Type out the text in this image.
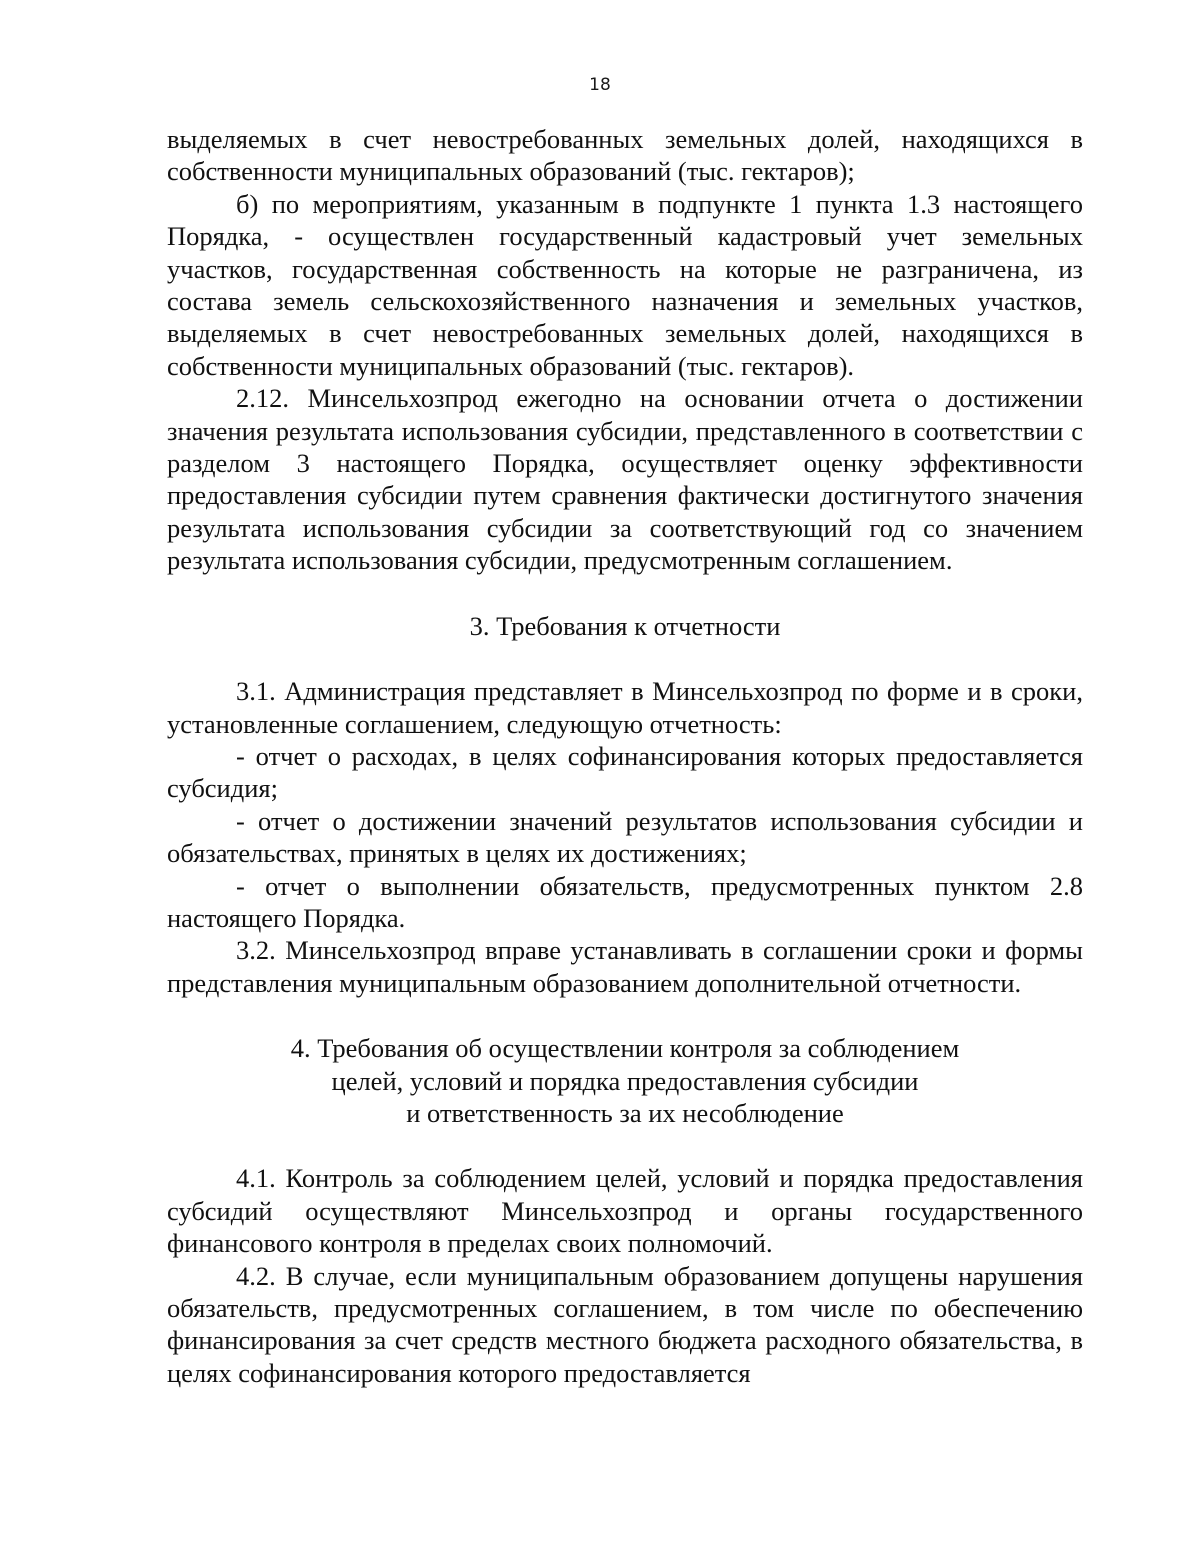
18

выделяемых в счет невостребованных земельных долей, находящихся в собственности муниципальных образований (тыс. гектаров);

б) по мероприятиям, указанным в подпункте 1 пункта 1.3 настоящего Порядка, - осуществлен государственный кадастровый учет земельных участков, государственная собственность на которые не разграничена, из состава земель сельскохозяйственного назначения и земельных участков, выделяемых в счет невостребованных земельных долей, находящихся в собственности муниципальных образований (тыс. гектаров).

2.12. Минсельхозпрод ежегодно на основании отчета о достижении значения результата использования субсидии, представленного в соответствии с разделом 3 настоящего Порядка, осуществляет оценку эффективности предоставления субсидии путем сравнения фактически достигнутого значения результата использования субсидии за соответствующий год со значением результата использования субсидии, предусмотренным соглашением.

3. Требования к отчетности

3.1. Администрация представляет в Минсельхозпрод по форме и в сроки, установленные соглашением, следующую отчетность:

- отчет о расходах, в целях софинансирования которых предоставляется субсидия;

- отчет о достижении значений результатов использования субсидии и обязательствах, принятых в целях их достижениях;

- отчет о выполнении обязательств, предусмотренных пунктом 2.8 настоящего Порядка.

3.2. Минсельхозпрод вправе устанавливать в соглашении сроки и формы представления муниципальным образованием дополнительной отчетности.

4. Требования об осуществлении контроля за соблюдением

целей, условий и порядка предоставления субсидии

и ответственность за их несоблюдение

4.1. Контроль за соблюдением целей, условий и порядка предоставления субсидий осуществляют Минсельхозпрод и органы государственного финансового контроля в пределах своих полномочий.

4.2. В случае, если муниципальным образованием допущены нарушения обязательств, предусмотренных соглашением, в том числе по обеспечению финансирования за счет средств местного бюджета расходного обязательства, в целях софинансирования которого предоставляется
